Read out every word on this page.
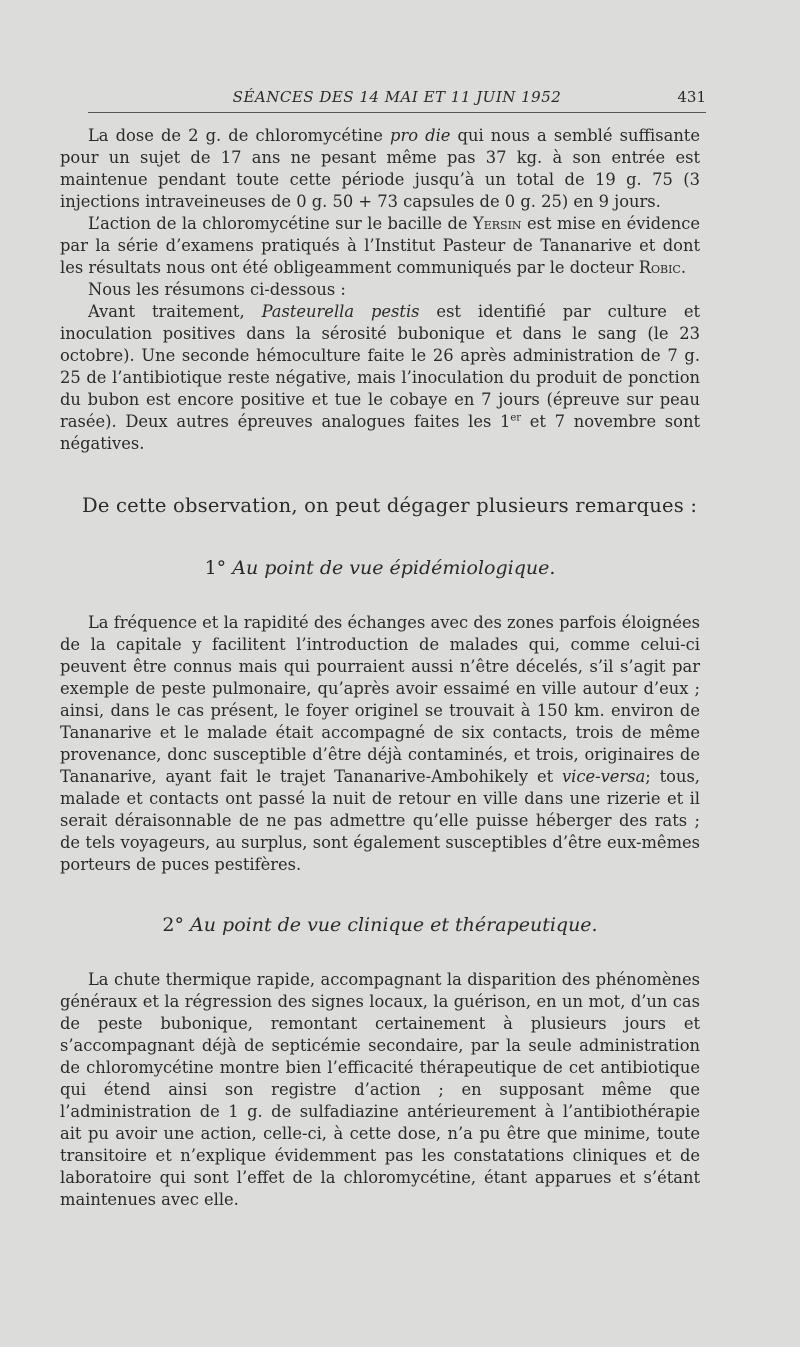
SÉANCES DES 14 MAI ET 11 JUIN 1952	431

La dose de 2 g. de chloromycétine pro die qui nous a semblé suffisante pour un sujet de 17 ans ne pesant même pas 37 kg. à son entrée est maintenue pendant toute cette période jusqu’à un total de 19 g. 75 (3 injections intraveineuses de 0 g. 50 + 73 capsules de 0 g. 25) en 9 jours.

L’action de la chloromycétine sur le bacille de Yersin est mise en évidence par la série d’examens pratiqués à l’Institut Pasteur de Tananarive et dont les résultats nous ont été obligeamment communiqués par le docteur Robic.

Nous les résumons ci-dessous :

Avant traitement, Pasteurella pestis est identifié par culture et inoculation positives dans la sérosité bubonique et dans le sang (le 23 octobre). Une seconde hémoculture faite le 26 après administration de 7 g. 25 de l’antibiotique reste négative, mais l’inoculation du produit de ponction du bubon est encore positive et tue le cobaye en 7 jours (épreuve sur peau rasée). Deux autres épreuves analogues faites les 1er et 7 novembre sont négatives.

De cette observation, on peut dégager plusieurs remarques :

1° Au point de vue épidémiologique.

La fréquence et la rapidité des échanges avec des zones parfois éloignées de la capitale y facilitent l’introduction de malades qui, comme celui-ci peuvent être connus mais qui pourraient aussi n’être décelés, s’il s’agit par exemple de peste pulmonaire, qu’après avoir essaimé en ville autour d’eux ; ainsi, dans le cas présent, le foyer originel se trouvait à 150 km. environ de Tananarive et le malade était accompagné de six contacts, trois de même provenance, donc susceptible d’être déjà contaminés, et trois, originaires de Tananarive, ayant fait le trajet Tananarive-Ambohikely et vice-versa; tous, malade et contacts ont passé la nuit de retour en ville dans une rizerie et il serait déraisonnable de ne pas admettre qu’elle puisse héberger des rats ; de tels voyageurs, au surplus, sont également susceptibles d’être eux-mêmes porteurs de puces pestifères.

2° Au point de vue clinique et thérapeutique.

La chute thermique rapide, accompagnant la disparition des phénomènes généraux et la régression des signes locaux, la guérison, en un mot, d’un cas de peste bubonique, remontant certainement à plusieurs jours et s’accompagnant déjà de septicémie secondaire, par la seule administration de chloromycétine montre bien l’efficacité thérapeutique de cet antibiotique qui étend ainsi son registre d’action ; en supposant même que l’administration de 1 g. de sulfadiazine antérieurement à l’antibiothérapie ait pu avoir une action, celle-ci, à cette dose, n’a pu être que minime, toute transitoire et n’explique évidemment pas les constatations cliniques et de laboratoire qui sont l’effet de la chloromycétine, étant apparues et s’étant maintenues avec elle.
